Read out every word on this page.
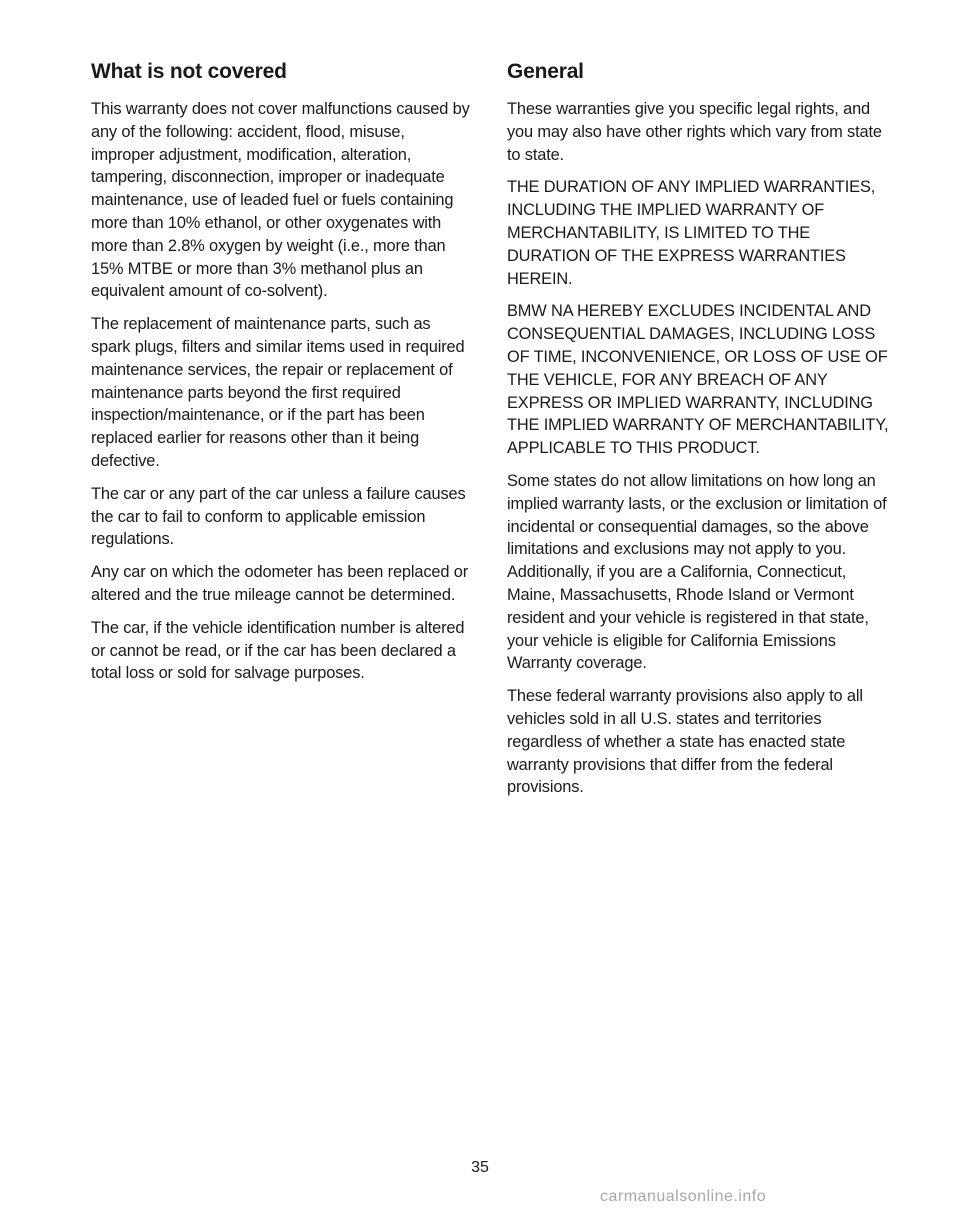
What is not covered

This warranty does not cover malfunctions caused by any of the following: accident, flood, misuse, improper adjustment, modification, alteration, tampering, disconnection, improper or inadequate maintenance, use of leaded fuel or fuels containing more than 10% ethanol, or other oxygenates with more than 2.8% oxygen by weight (i.e., more than 15% MTBE or more than 3% methanol plus an equivalent amount of co-solvent).

The replacement of maintenance parts, such as spark plugs, filters and similar items used in required maintenance services, the repair or replacement of maintenance parts beyond the first required inspection/maintenance, or if the part has been replaced earlier for reasons other than it being defective.

The car or any part of the car unless a failure causes the car to fail to conform to applicable emission regulations.

Any car on which the odometer has been replaced or altered and the true mileage cannot be determined.

The car, if the vehicle identification number is altered or cannot be read, or if the car has been declared a total loss or sold for salvage purposes.

General

These warranties give you specific legal rights, and you may also have other rights which vary from state to state.

THE DURATION OF ANY IMPLIED WARRANTIES, INCLUDING THE IMPLIED WARRANTY OF MERCHANTABILITY, IS LIMITED TO THE DURATION OF THE EXPRESS WARRANTIES HEREIN.

BMW NA HEREBY EXCLUDES INCIDENTAL AND CONSEQUENTIAL DAMAGES, INCLUDING LOSS OF TIME, INCONVENIENCE, OR LOSS OF USE OF THE VEHICLE, FOR ANY BREACH OF ANY EXPRESS OR IMPLIED WARRANTY, INCLUDING THE IMPLIED WARRANTY OF MERCHANTABILITY, APPLICABLE TO THIS PRODUCT.

Some states do not allow limitations on how long an implied warranty lasts, or the exclusion or limitation of incidental or consequential damages, so the above limitations and exclusions may not apply to you. Additionally, if you are a California, Connecticut, Maine, Massachusetts, Rhode Island or Vermont resident and your vehicle is registered in that state, your vehicle is eligible for California Emissions Warranty coverage.

These federal warranty provisions also apply to all vehicles sold in all U.S. states and territories regardless of whether a state has enacted state warranty provisions that differ from the federal provisions.

35
carmanualsonline.info
